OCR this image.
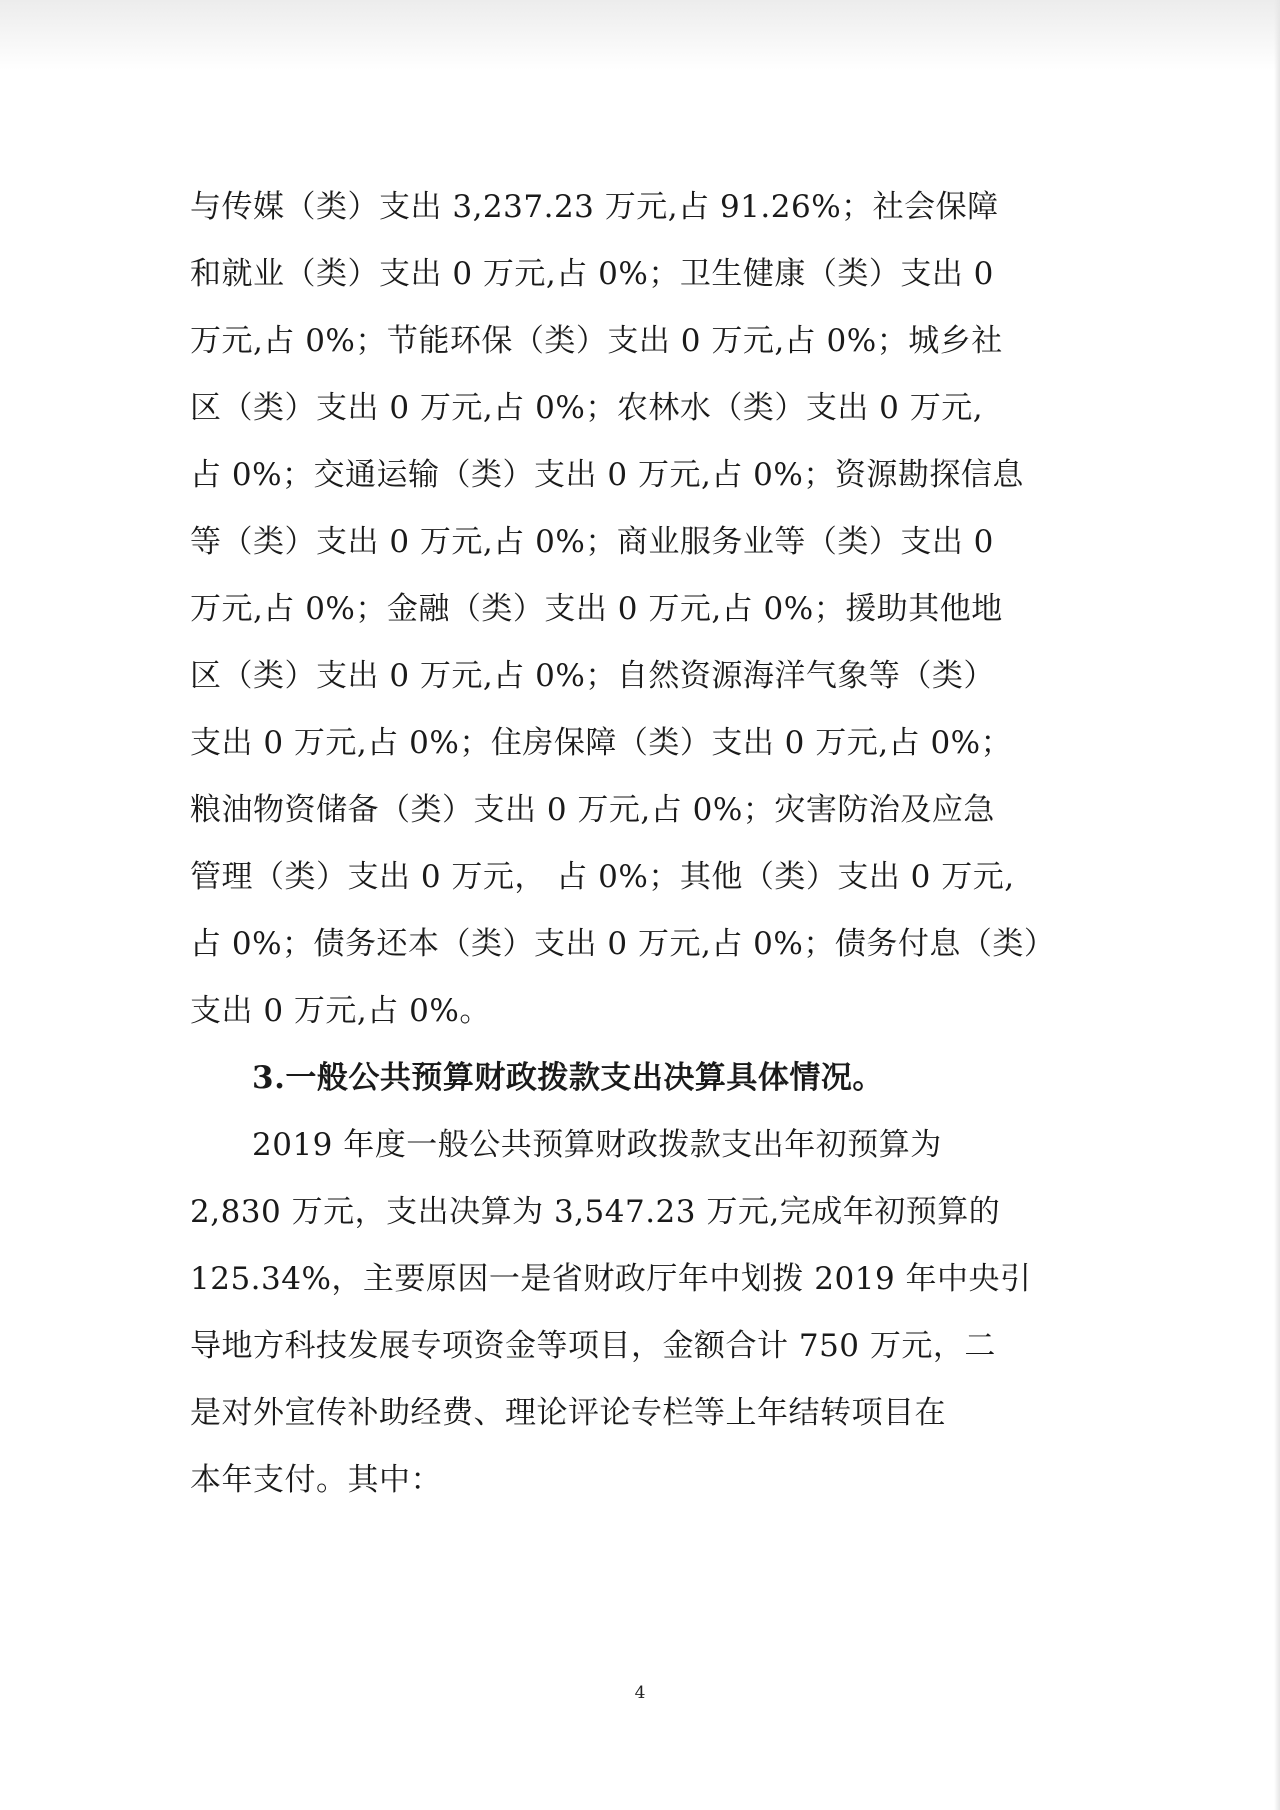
与传媒（类）支出 3,237.23 万元,占 91.26%；社会保障
和就业（类）支出 0 万元,占 0%；卫生健康（类）支出 0
万元,占 0%；节能环保（类）支出 0 万元,占 0%；城乡社
区（类）支出 0 万元,占 0%；农林水（类）支出 0 万元,
占 0%；交通运输（类）支出 0 万元,占 0%；资源勘探信息
等（类）支出 0 万元,占 0%；商业服务业等（类）支出 0
万元,占 0%；金融（类）支出 0 万元,占 0%；援助其他地
区（类）支出 0 万元,占 0%；自然资源海洋气象等（类）
支出 0 万元,占 0%；住房保障（类）支出 0 万元,占 0%；
粮油物资储备（类）支出 0 万元,占 0%；灾害防治及应急
管理（类）支出 0 万元， 占 0%；其他（类）支出 0 万元,
占 0%；债务还本（类）支出 0 万元,占 0%；债务付息（类）
支出 0 万元,占 0%。
3.一般公共预算财政拨款支出决算具体情况。
2019 年度一般公共预算财政拨款支出年初预算为
2,830 万元，支出决算为 3,547.23 万元,完成年初预算的
125.34%，主要原因一是省财政厅年中划拨 2019 年中央引
导地方科技发展专项资金等项目，金额合计 750 万元，二
是对外宣传补助经费、理论评论专栏等上年结转项目在
本年支付。其中：
4
